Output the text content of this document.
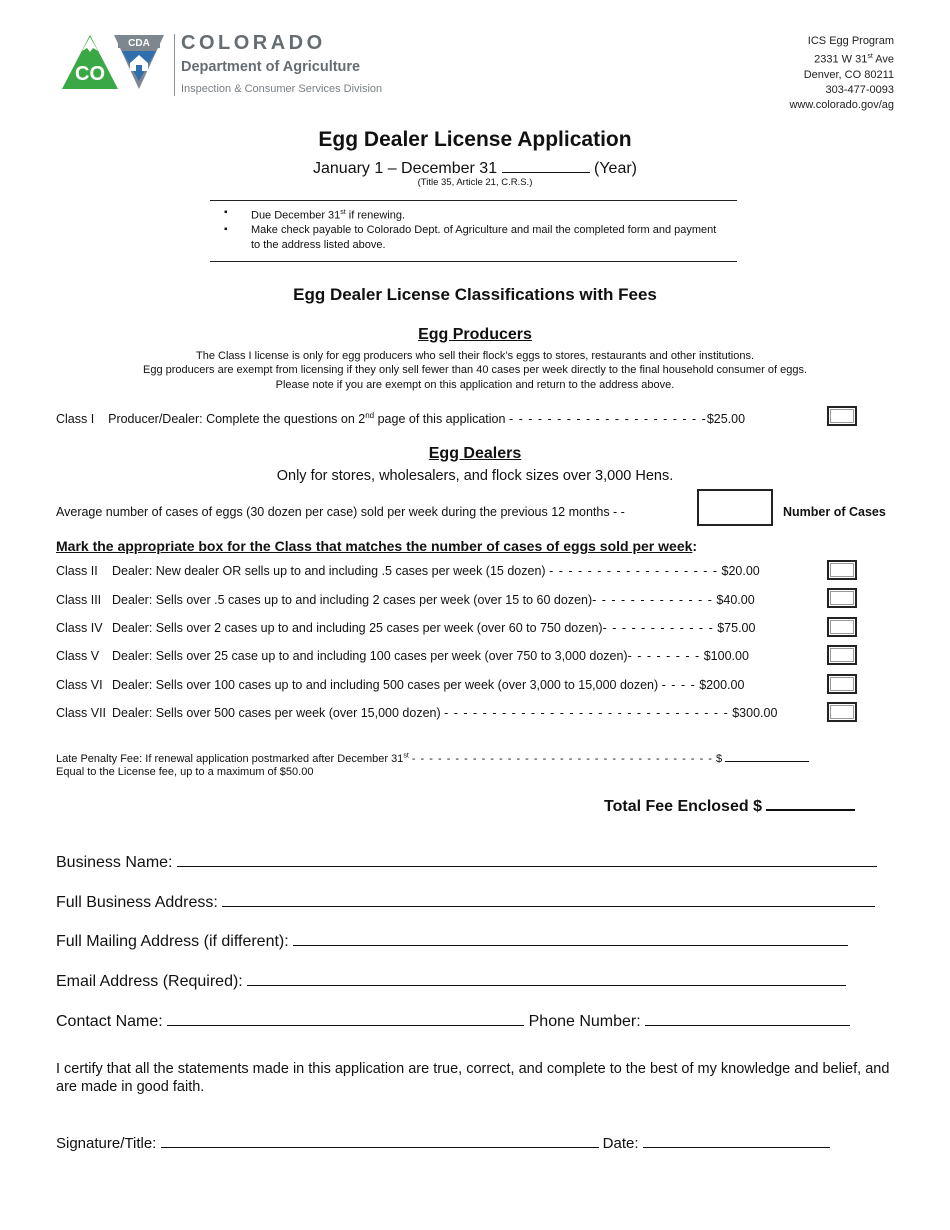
CO
CDA COLORADO
Department of Agriculture
Inspection & Consumer Services Division
ICS Egg Program
2331 W 31st Ave
Denver, CO 80211
303-477-0093
www.colorado.gov/ag
Egg Dealer License Application
January 1 – December 31	(Year)
(Title 35, Article 21, C.R.S.)
▪ Due December 31st if renewing.
▪ Make check payable to Colorado Dept. of Agriculture and mail the completed form and payment to the address listed above.
Egg Dealer License Classifications with Fees
Egg Producers
The Class I license is only for egg producers who sell their flock’s eggs to stores, restaurants and other institutions.
Egg producers are exempt from licensing if they only sell fewer than 40 cases per week directly to the final household consumer of eggs.
Please note if you are exempt on this application and return to the address above.
Class I Producer/Dealer: Complete the questions on 2nd page of this application - - - - - - - - - - - - - - - - - - - - -$25.00
Egg Dealers
Only for stores, wholesalers, and flock sizes over 3,000 Hens.
Average number of cases of eggs (30 dozen per case) sold per week during the previous 12 months - -	Number of Cases
Mark the appropriate box for the Class that matches the number of cases of eggs sold per week:
Class II Dealer: New dealer OR sells up to and including .5 cases per week (15 dozen) - - - - - - - - - - - - - - - - - - $20.00
Class III Dealer: Sells over .5 cases up to and including 2 cases per week (over 15 to 60 dozen)- - - - - - - - - - - - - $40.00
Class IV Dealer: Sells over 2 cases up to and including 25 cases per week (over 60 to 750 dozen)- - - - - - - - - - - - $75.00
Class V Dealer: Sells over 25 case up to and including 100 cases per week (over 750 to 3,000 dozen)- - - - - - - - $100.00
Class VI Dealer: Sells over 100 cases up to and including 500 cases per week (over 3,000 to 15,000 dozen) - - - - $200.00
Class VII Dealer: Sells over 500 cases per week (over 15,000 dozen) - - - - - - - - - - - - - - - - - - - - - - - - - - - - - - $300.00
Late Penalty Fee: If renewal application postmarked after December 31st - - - - - - - - - - - - - - - - - - - - - - - - - - - - - - - - - - - $
Equal to the License fee, up to a maximum of $50.00
Total Fee Enclosed $
Business Name:
Full Business Address:
Full Mailing Address (if different):
Email Address (Required):
Contact Name:	Phone Number:
I certify that all the statements made in this application are true, correct, and complete to the best of my knowledge and belief, and are made in good faith.
Signature/Title:	Date:
